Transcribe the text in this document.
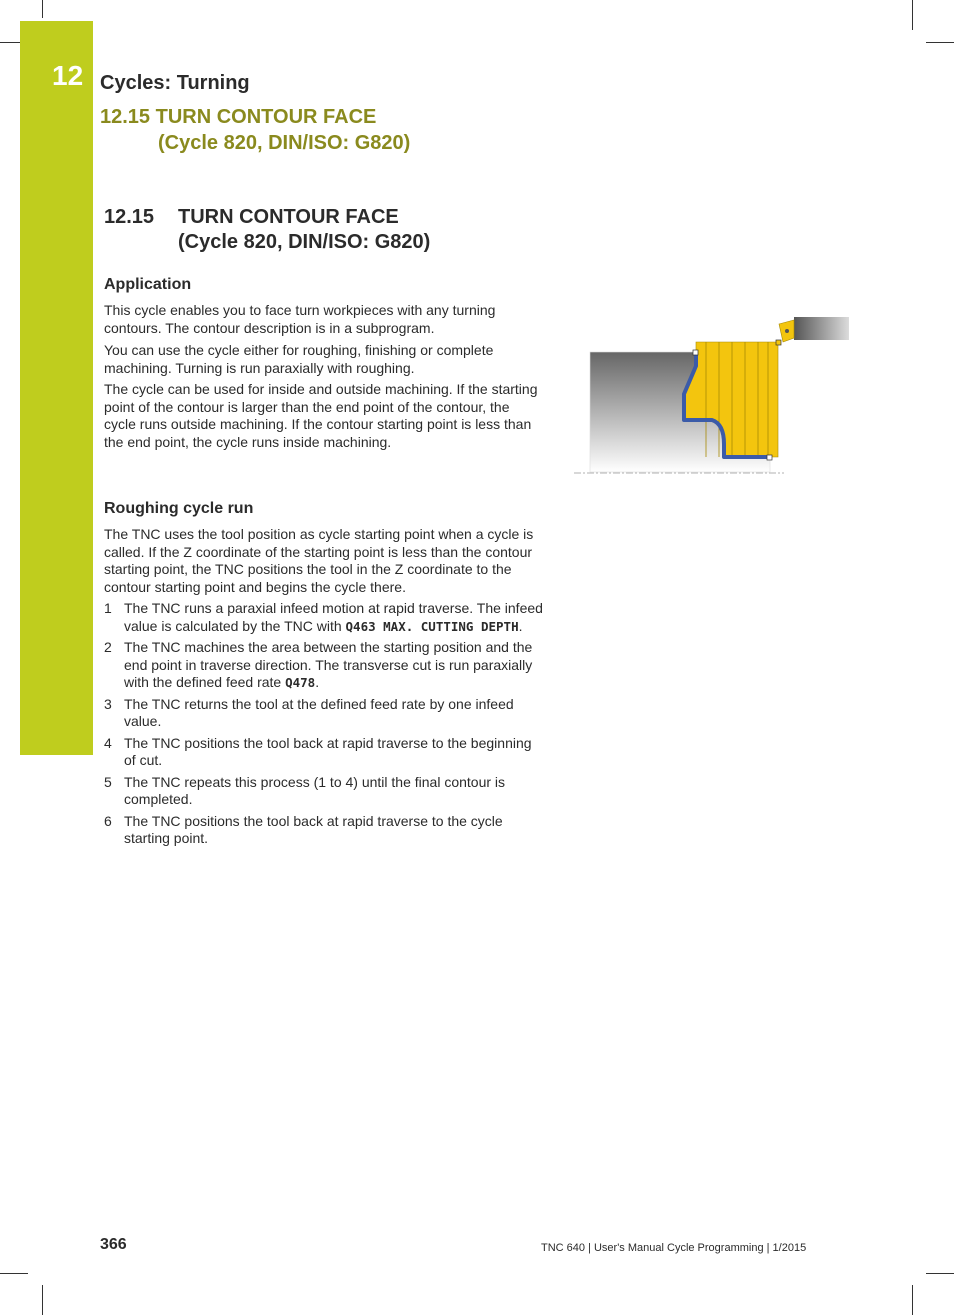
12 Cycles: Turning
12.15 TURN CONTOUR FACE
(Cycle 820, DIN/ISO: G820)
12.15 TURN CONTOUR FACE
(Cycle 820, DIN/ISO: G820)
Application

This cycle enables you to face turn workpieces with any turning contours. The contour description is in a subprogram.

You can use the cycle either for roughing, finishing or complete machining. Turning is run paraxially with roughing.

The cycle can be used for inside and outside machining. If the starting point of the contour is larger than the end point of the contour, the cycle runs outside machining. If the contour starting point is less than the end point, the cycle runs inside machining.

Roughing cycle run

The TNC uses the tool position as cycle starting point when a cycle is called. If the Z coordinate of the starting point is less than the contour starting point, the TNC positions the tool in the Z coordinate to the contour starting point and begins the cycle there.

1 The TNC runs a paraxial infeed motion at rapid traverse. The infeed value is calculated by the TNC with Q463 MAX. CUTTING DEPTH.
2 The TNC machines the area between the starting position and the end point in traverse direction. The transverse cut is run paraxially with the defined feed rate Q478.
3 The TNC returns the tool at the defined feed rate by one infeed value.
4 The TNC positions the tool back at rapid traverse to the beginning of cut.
5 The TNC repeats this process (1 to 4) until the final contour is completed.
6 The TNC positions the tool back at rapid traverse to the cycle starting point.
366	TNC 640 | User's Manual Cycle Programming | 1/2015
